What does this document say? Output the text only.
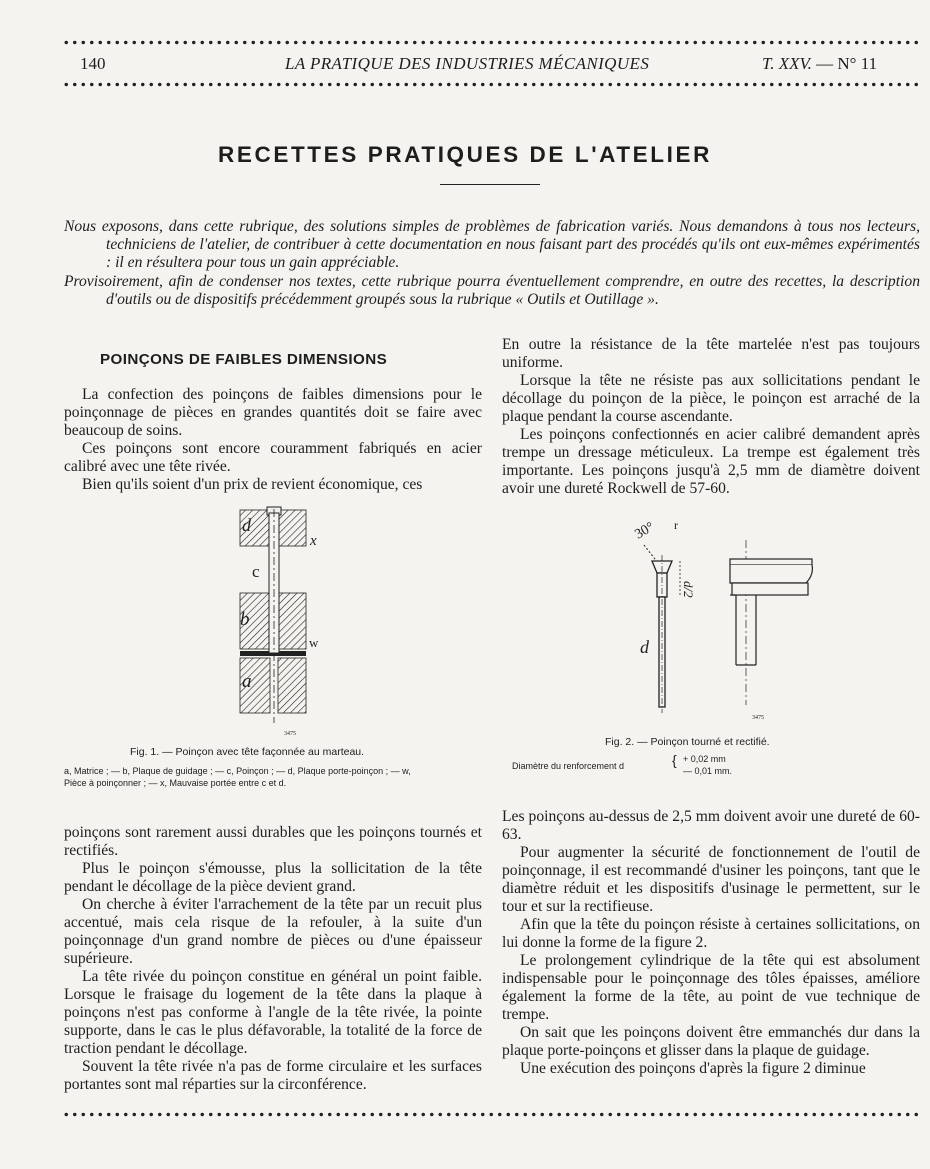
140	LA PRATIQUE DES INDUSTRIES MÉCANIQUES	T. XXV. — N° 11
RECETTES PRATIQUES DE L'ATELIER

Nous exposons, dans cette rubrique, des solutions simples de problèmes de fabrication variés. Nous demandons à tous nos lecteurs, techniciens de l'atelier, de contribuer à cette documentation en nous faisant part des procédés qu'ils ont eux-mêmes expérimentés : il en résultera pour tous un gain appréciable.

Provisoirement, afin de condenser nos textes, cette rubrique pourra éventuellement comprendre, en outre des recettes, la description d'outils ou de dispositifs précédemment groupés sous la rubrique « Outils et Outillage ».

POINÇONS DE FAIBLES DIMENSIONS

La confection des poinçons de faibles dimensions pour le poinçonnage de pièces en grandes quantités doit se faire avec beaucoup de soins.

Ces poinçons sont encore couramment fabriqués en acier calibré avec une tête rivée.

Bien qu'ils soient d'un prix de revient économique, ces

d
x
c
b
w
a
3475
Fig. 1. — Poinçon avec tête façonnée au marteau.
a, Matrice ; — b, Plaque de guidage ; — c, Poinçon ; — d, Plaque porte-poinçon ; — w,
Pièce à poinçonner ; — x, Mauvaise portée entre c et d.

poinçons sont rarement aussi durables que les poinçons tournés et rectifiés.

Plus le poinçon s'émousse, plus la sollicitation de la tête pendant le décollage de la pièce devient grand.

On cherche à éviter l'arrachement de la tête par un recuit plus accentué, mais cela risque de la refouler, à la suite d'un poinçonnage d'un grand nombre de pièces ou d'une épaisseur supérieure.

La tête rivée du poinçon constitue en général un point faible. Lorsque le fraisage du logement de la tête dans la plaque à poinçons n'est pas conforme à l'angle de la tête rivée, la pointe supporte, dans le cas le plus défavorable, la totalité de la force de traction pendant le décollage.

Souvent la tête rivée n'a pas de forme circulaire et les surfaces portantes sont mal réparties sur la circonférence.

En outre la résistance de la tête martelée n'est pas toujours uniforme.

Lorsque la tête ne résiste pas aux sollicitations pendant le décollage du poinçon de la pièce, le poinçon est arraché de la plaque pendant la course ascendante.

Les poinçons confectionnés en acier calibré demandent après trempe un dressage méticuleux. La trempe est également très importante. Les poinçons jusqu'à 2,5 mm de diamètre doivent avoir une dureté Rockwell de 57-60.

30° r
d/2
d
3475
Fig. 2. — Poinçon tourné et rectifié.
Diamètre du renforcement d	{ + 0,02 mm
— 0,01 mm.

Les poinçons au-dessus de 2,5 mm doivent avoir une dureté de 60-63.

Pour augmenter la sécurité de fonctionnement de l'outil de poinçonnage, il est recommandé d'usiner les poinçons, tant que le diamètre réduit et les dispositifs d'usinage le permettent, sur le tour et sur la rectifieuse.

Afin que la tête du poinçon résiste à certaines sollicitations, on lui donne la forme de la figure 2.

Le prolongement cylindrique de la tête qui est absolument indispensable pour le poinçonnage des tôles épaisses, améliore également la forme de la tête, au point de vue technique de trempe.

On sait que les poinçons doivent être emmanchés dur dans la plaque porte-poinçons et glisser dans la plaque de guidage.

Une exécution des poinçons d'après la figure 2 diminue
